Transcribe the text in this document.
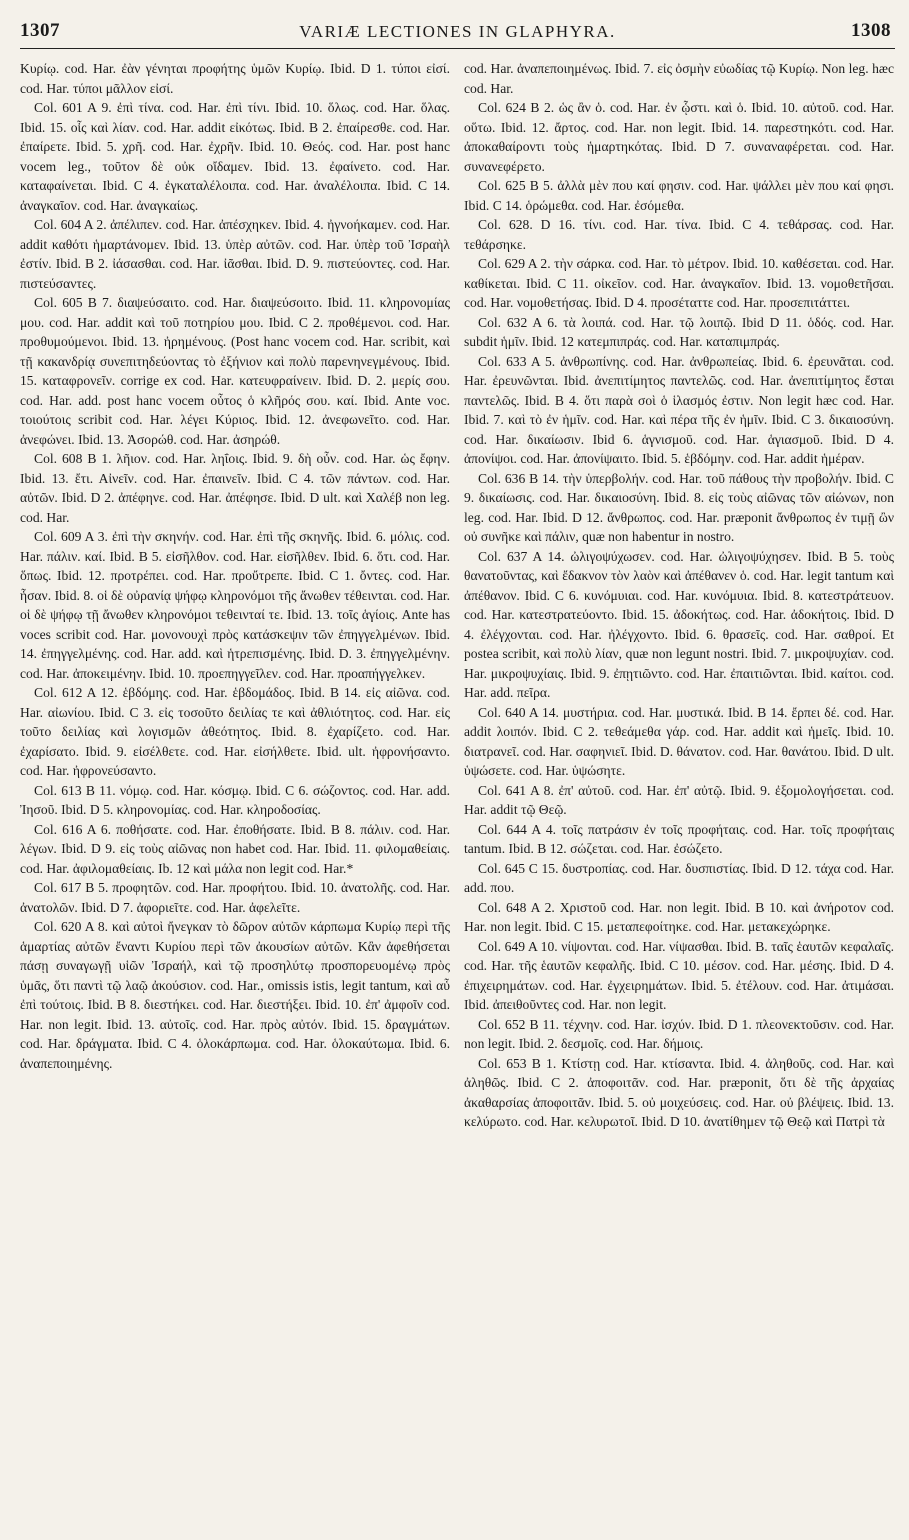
1307	VARIÆ LECTIONES IN GLAPHYRA.	1308

Κυρίῳ. cod. Har. ἐὰν γένηται προφήτης ὑμῶν Κυρίῳ. Ibid. D 1. τύποι εἰσί. cod. Har. τύποι μᾶλλον εἰσί.

Col. 601 A 9. ἐπὶ τίνα. cod. Har. ἐπὶ τίνι. Ibid. 10. ὅλως. cod. Har. ὅλας. Ibid. 15. οἷς καὶ λίαν. cod. Har. addit εἰκότως. Ibid. B 2. ἐπαίρεσθε. cod. Har. ἐπαίρετε. Ibid. 5. χρῆ. cod. Har. ἐχρῆν. Ibid. 10. Θεός. cod. Har. post hanc vocem leg., τοῦτον δὲ οὐκ οἴδαμεν. Ibid. 13. ἐφαίνετο. cod. Har. καταφαίνεται. Ibid. C 4. ἐγκαταλέλοιπα. cod. Har. ἀναλέλοιπα. Ibid. C 14. ἀναγκαῖον. cod. Har. ἀναγκαίως.

Col. 604 A 2. ἀπέλιπεν. cod. Har. ἀπέσχηκεν. Ibid. 4. ἠγνοήκαμεν. cod. Har. addit καθότι ἡμαρτάνομεν. Ibid. 13. ὑπὲρ αὐτῶν. cod. Har. ὑπὲρ τοῦ Ἰσραὴλ ἐστίν. Ibid. B 2. ἰάσασθαι. cod. Har. ἰᾶσθαι. Ibid. D. 9. πιστεύοντες. cod. Har. πιστεύσαντες.

Col. 605 B 7. διαψεύσαιτο. cod. Har. διαψεύσοιτο. Ibid. 11. κληρονομίας μου. cod. Har. addit καὶ τοῦ ποτηρίου μου. Ibid. C 2. προθέμενοι. cod. Har. προθυμούμενοι. Ibid. 13. ἠρημένους. (Post hanc vocem cod. Har. scribit, καὶ τῇ κακανδρίᾳ συνεπιτηδεύοντας τὸ ἐξήνιον καὶ πολὺ παρενηνεγμένους. Ibid. 15. καταφρονεῖν. corrige ex cod. Har. κατευφραίνειν. Ibid. D. 2. μερίς σου. cod. Har. add. post hanc vocem οὗτος ὁ κλῆρός σου. καί. Ibid. Ante voc. τοιούτοις scribit cod. Har. λέγει Κύριος. Ibid. 12. ἀνεφωνεῖτο. cod. Har. ἀνεφώνει. Ibid. 13. Ἀσορώθ. cod. Har. ἀσηρώθ.

Col. 608 B 1. λῆιον. cod. Har. ληΐοις. Ibid. 9. δὴ οὖν. cod. Har. ὡς ἔφην. Ibid. 13. ἔτι. Αἰνεῖν. cod. Har. ἐπαινεῖν. Ibid. C 4. τῶν πάντων. cod. Har. αὐτῶν. Ibid. D 2. ἀπέφηνε. cod. Har. ἀπέφησε. Ibid. D ult. καὶ Χαλέβ non leg. cod. Har.

Col. 609 A 3. ἐπὶ τὴν σκηνήν. cod. Har. ἐπὶ τῆς σκηνῆς. Ibid. 6. μόλις. cod. Har. πάλιν. καί. Ibid. B 5. εἰσῆλθον. cod. Har. εἰσῆλθεν. Ibid. 6. ὅτι. cod. Har. ὅπως. Ibid. 12. προτρέπει. cod. Har. προὔτρεπε. Ibid. C 1. ὄντες. cod. Har. ἦσαν. Ibid. 8. οἱ δὲ οὐρανίᾳ ψήφῳ κληρονόμοι τῆς ἄνωθεν τέθεινται. cod. Har. οἱ δὲ ψήφῳ τῇ ἄνωθεν κληρονόμοι τεθεινταί τε. Ibid. 13. τοῖς ἁγίοις. Ante has voces scribit cod. Har. μονονουχὶ πρὸς κατάσκεψιν τῶν ἐπηγγελμένων. Ibid. 14. ἐπηγγελμένης. cod. Har. add. καὶ ἡτρεπισμένης. Ibid. D. 3. ἐπηγγελμένην. cod. Har. ἀποκειμένην. Ibid. 10. προεπηγγεῖλεν. cod. Har. προαπήγγελκεν.

Col. 612 A 12. ἑβδόμης. cod. Har. ἑβδομάδος. Ibid. B 14. εἰς αἰῶνα. cod. Har. αἰωνίου. Ibid. C 3. εἰς τοσοῦτο δειλίας τε καὶ ἀθλιότητος. cod. Har. εἰς τοῦτο δειλίας καὶ λογισμῶν ἀθεότητος. Ibid. 8. ἐχαρίζετο. cod. Har. ἐχαρίσατο. Ibid. 9. εἰσέλθετε. cod. Har. εἰσήλθετε. Ibid. ult. ἠφρονήσαντο. cod. Har. ἠφρονεύσαντο.

Col. 613 B 11. νόμῳ. cod. Har. κόσμῳ. Ibid. C 6. σώζοντος. cod. Har. add. Ἰησοῦ. Ibid. D 5. κληρονομίας. cod. Har. κληροδοσίας.

Col. 616 A 6. ποθήσατε. cod. Har. ἐποθήσατε. Ibid. B 8. πάλιν. cod. Har. λέγων. Ibid. D 9. εἰς τοὺς αἰῶνας non habet cod. Har. Ibid. 11. φιλομαθείαις. cod. Har. ἀφιλομαθείαις. Ib. 12 καὶ μάλα non legit cod. Har.*

Col. 617 B 5. προφητῶν. cod. Har. προφήτου. Ibid. 10. ἀνατολῆς. cod. Har. ἀνατολῶν. Ibid. D 7. ἀφοριεῖτε. cod. Har. ἀφελεῖτε.

Col. 620 A 8. καὶ αὐτοὶ ἤνεγκαν τὸ δῶρον αὐτῶν κάρπωμα Κυρίῳ περὶ τῆς ἁμαρτίας αὐτῶν ἔναντι Κυρίου περὶ τῶν ἀκουσίων αὐτῶν. Κἂν ἀφεθήσεται πάσῃ συναγωγῇ υἱῶν Ἰσραήλ, καὶ τῷ προσηλύτῳ προσπορευομένῳ πρὸς ὑμᾶς, ὅτι παντὶ τῷ λαῷ ἀκούσιον. cod. Har., omissis istis, legit tantum, καὶ αὖ ἐπὶ τούτοις. Ibid. B 8. διεστήκει. cod. Har. διεστήξει. Ibid. 10. ἐπ' ἀμφοῖν cod. Har. non legit. Ibid. 13. αὐτοῖς. cod. Har. πρὸς αὐτόν. Ibid. 15. δραγμάτων. cod. Har. δράγματα. Ibid. C 4. ὁλοκάρπωμα. cod. Har. ὁλοκαύτωμα. Ibid. 6. ἀναπεποιημένης.

cod. Har. ἀναπεποιημένως. Ibid. 7. εἰς ὀσμὴν εὐωδίας τῷ Κυρίῳ. Non leg. hæc cod. Har.

Col. 624 B 2. ὡς ἂν ὁ. cod. Har. ἐν ᾧστι. καὶ ὁ. Ibid. 10. αὐτοῦ. cod. Har. οὕτω. Ibid. 12. ἄρτος. cod. Har. non legit. Ibid. 14. παρεστηκότι. cod. Har. ἀποκαθαίροντι τοὺς ἡμαρτηκότας. Ibid. D 7. συναναφέρεται. cod. Har. συνανεφέρετο.

Col. 625 B 5. ἀλλὰ μὲν που καί φησιν. cod. Har. ψάλλει μὲν που καί φησι. Ibid. C 14. ὁρώμεθα. cod. Har. ἐσόμεθα.

Col. 628. D 16. τίνι. cod. Har. τίνα. Ibid. C 4. τεθάρσας. cod. Har. τεθάρσηκε.

Col. 629 A 2. τὴν σάρκα. cod. Har. τὸ μέτρον. Ibid. 10. καθέσεται. cod. Har. καθίκεται. Ibid. C 11. οἰκεῖον. cod. Har. ἀναγκαῖον. Ibid. 13. νομοθετῆσαι. cod. Har. νομοθετήσας. Ibid. D 4. προσέταττε cod. Har. προσεπιτάττει.

Col. 632 A 6. τὰ λοιπά. cod. Har. τῷ λοιπῷ. Ibid D 11. ὁδός. cod. Har. subdit ἡμῖν. Ibid. 12 κατεμπιπράς. cod. Har. καταπιμπράς.

Col. 633 A 5. ἀνθρωπίνης. cod. Har. ἀνθρωπείας. Ibid. 6. ἐρευνᾶται. cod. Har. ἐρευνῶνται. Ibid. ἀνεπιτίμητος παντελῶς. cod. Har. ἀνεπιτίμητος ἔσται παντελῶς. Ibid. B 4. ὅτι παρὰ σοὶ ὁ ἱλασμός ἐστιν. Non legit hæc cod. Har. Ibid. 7. καὶ τὸ ἐν ἡμῖν. cod. Har. καὶ πέρα τῆς ἐν ἡμῖν. Ibid. C 3. δικαιοσύνη. cod. Har. δικαίωσιν. Ibid 6. ἁγνισμοῦ. cod. Har. ἁγιασμοῦ. Ibid. D 4. ἀπονίψοι. cod. Har. ἀπονίψαιτο. Ibid. 5. ἑβδόμην. cod. Har. addit ἡμέραν.

Col. 636 B 14. τὴν ὑπερβολήν. cod. Har. τοῦ πάθους τὴν προβολήν. Ibid. C 9. δικαίωσις. cod. Har. δικαιοσύνη. Ibid. 8. εἰς τοὺς αἰῶνας τῶν αἰώνων, non leg. cod. Har. Ibid. D 12. ἄνθρωπος. cod. Har. præponit ἄνθρωπος ἐν τιμῇ ὢν οὐ συνῆκε καὶ πάλιν, quæ non habentur in nostro.

Col. 637 A 14. ὠλιγοψύχωσεν. cod. Har. ὠλιγοψύχησεν. Ibid. B 5. τοὺς θανατοῦντας, καὶ ἔδακνον τὸν λαὸν καὶ ἀπέθανεν ὁ. cod. Har. legit tantum καὶ ἀπέθανον. Ibid. C 6. κυνόμυιαι. cod. Har. κυνόμυια. Ibid. 8. κατεστράτευον. cod. Har. κατεστρατεύοντο. Ibid. 15. ἀδοκήτως. cod. Har. ἀδοκήτοις. Ibid. D 4. ἐλέγχονται. cod. Har. ἠλέγχοντο. Ibid. 6. θρασεῖς. cod. Har. σαθροί. Et postea scribit, καὶ πολὺ λίαν, quæ non legunt nostri. Ibid. 7. μικροψυχίαν. cod. Har. μικροψυχίαις. Ibid. 9. ἐπῃτιῶντο. cod. Har. ἐπαιτιῶνται. Ibid. καίτοι. cod. Har. add. πεῖρα.

Col. 640 A 14. μυστήρια. cod. Har. μυστικά. Ibid. B 14. ἔρπει δέ. cod. Har. addit λοιπόν. Ibid. C 2. τεθεάμεθα γάρ. cod. Har. addit καὶ ἡμεῖς. Ibid. 10. διατρανεῖ. cod. Har. σαφηνιεῖ. Ibid. D. θάνατον. cod. Har. θανάτου. Ibid. D ult. ὑψώσετε. cod. Har. ὑψώσητε.

Col. 641 A 8. ἐπ' αὐτοῦ. cod. Har. ἐπ' αὐτῷ. Ibid. 9. ἐξομολογήσεται. cod. Har. addit τῷ Θεῷ.

Col. 644 A 4. τοῖς πατράσιν ἐν τοῖς προφήταις. cod. Har. τοῖς προφήταις tantum. Ibid. B 12. σώζεται. cod. Har. ἐσώζετο.

Col. 645 C 15. δυστροπίας. cod. Har. δυσπιστίας. Ibid. D 12. τάχα cod. Har. add. που.

Col. 648 A 2. Χριστοῦ cod. Har. non legit. Ibid. B 10. καὶ ἀνήροτον cod. Har. non legit. Ibid. C 15. μεταπεφοίτηκε. cod. Har. μετακεχώρηκε.

Col. 649 A 10. νίψονται. cod. Har. νίψασθαι. Ibid. B. ταῖς ἑαυτῶν κεφαλαῖς. cod. Har. τῆς ἑαυτῶν κεφαλῆς. Ibid. C 10. μέσον. cod. Har. μέσης. Ibid. D 4. ἐπιχειρημάτων. cod. Har. ἐγχειρημάτων. Ibid. 5. ἐτέλουν. cod. Har. ἀτιμάσαι. Ibid. ἀπειθοῦντες cod. Har. non legit.

Col. 652 B 11. τέχνην. cod. Har. ἰσχύν. Ibid. D 1. πλεονεκτοῦσιν. cod. Har. non legit. Ibid. 2. δεσμοῖς. cod. Har. δήμοις.

Col. 653 B 1. Κτίστῃ cod. Har. κτίσαντα. Ibid. 4. ἀληθοῦς. cod. Har. καὶ ἀληθῶς. Ibid. C 2. ἀποφοιτᾶν. cod. Har. præponit, ὅτι δὲ τῆς ἀρχαίας ἀκαθαρσίας ἀποφοιτᾶν. Ibid. 5. οὐ μοιχεύσεις. cod. Har. οὐ βλέψεις. Ibid. 13. κελύρωτο. cod. Har. κελυρωτοῖ. Ibid. D 10. ἀνατίθημεν τῷ Θεῷ καὶ Πατρὶ τὰ
